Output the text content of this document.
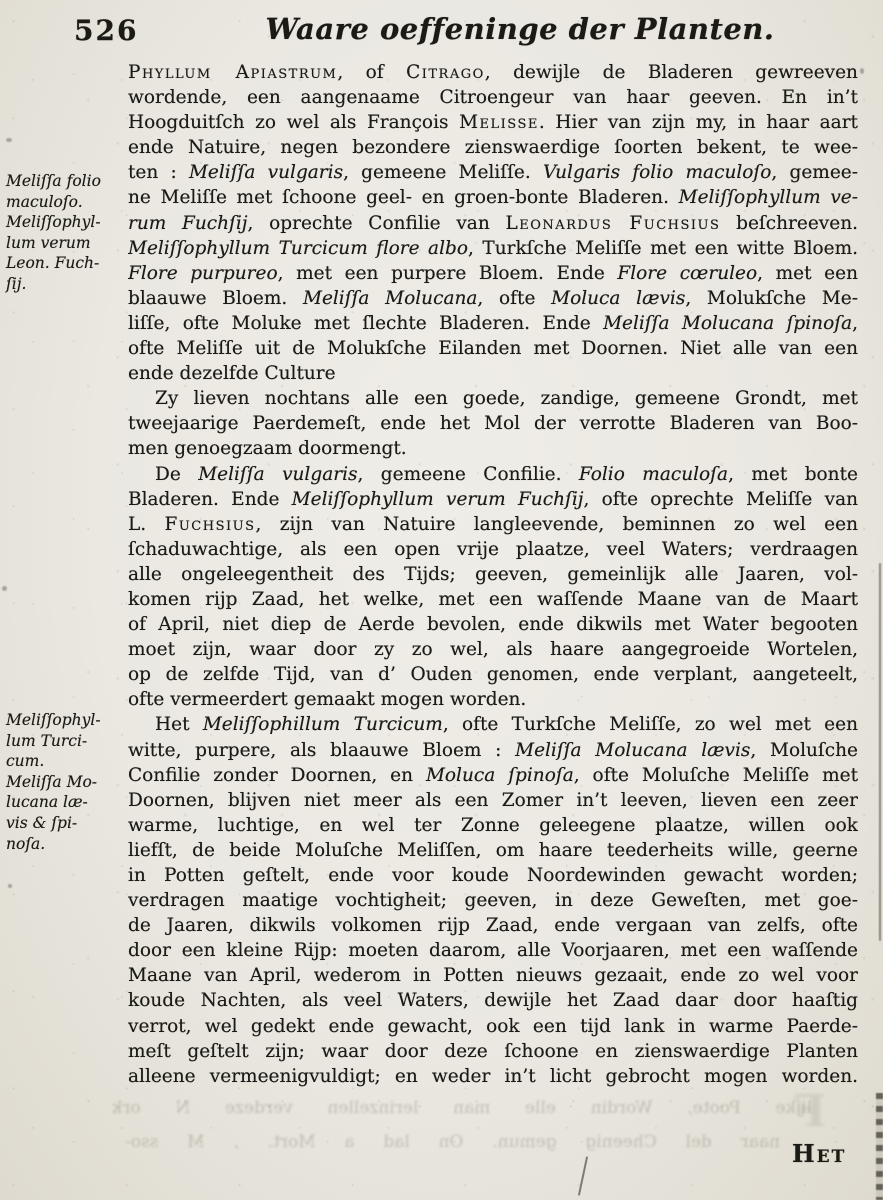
526	Waare oeffeninge der Planten.
Meliſſa folio
maculoſo.
Meliſſophyl-
lum verum
Leon. Fuch-
ſij.
Meliſſophyl-
lum Turci-
cum.
Meliſſa Mo-
lucana læ-
vis & ſpi-
noſa.
Phyllum Apiastrum, of Citrago, dewijle de Bladeren gewreeven
wordende, een aangenaame Citroengeur van haar geeven. En in’t
Hoogduitſch zo wel als François Melisse. Hier van zijn my, in haar aart
ende Natuire, negen bezondere zienswaerdige ſoorten bekent, te wee-
ten : Meliſſa vulgaris, gemeene Meliſſe. Vulgaris folio maculoſo, gemee-
ne Meliſſe met ſchoone geel- en groen-bonte Bladeren. Meliſſophyllum ve-
rum Fuchſij, oprechte Confilie van Leonardus Fuchsius beſchreeven.
Meliſſophyllum Turcicum flore albo, Turkſche Meliſſe met een witte Bloem.
Flore purpureo, met een purpere Bloem. Ende Flore cœruleo, met een
blaauwe Bloem. Meliſſa Molucana, ofte Moluca lævis, Molukſche Me-
liſſe, ofte Moluke met ſlechte Bladeren. Ende Meliſſa Molucana ſpinoſa,
ofte Meliſſe uit de Molukſche Eilanden met Doornen. Niet alle van een
ende dezelfde Culture
Zy lieven nochtans alle een goede, zandige, gemeene Grondt, met
tweejaarige Paerdemeſt, ende het Mol der verrotte Bladeren van Boo-
men genoegzaam doormengt.
De Meliſſa vulgaris, gemeene Confilie. Folio maculoſa, met bonte
Bladeren. Ende Meliſſophyllum verum Fuchſij, ofte oprechte Meliſſe van
L. Fuchsius, zijn van Natuire langleevende, beminnen zo wel een
ſchaduwachtige, als een open vrije plaatze, veel Waters; verdraagen
alle ongeleegentheit des Tijds; geeven, gemeinlijk alle Jaaren, vol-
komen rijp Zaad, het welke, met een waſſende Maane van de Maart
of April, niet diep de Aerde bevolen, ende dikwils met Water begooten
moet zijn, waar door zy zo wel, als haare aangegroeide Wortelen,
op de zelfde Tijd, van d’ Ouden genomen, ende verplant, aangeteelt,
ofte vermeerdert gemaakt mogen worden.
Het Meliſſophillum Turcicum, ofte Turkſche Meliſſe, zo wel met een
witte, purpere, als blaauwe Bloem : Meliſſa Molucana lævis, Moluſche
Confilie zonder Doornen, en Moluca ſpinoſa, ofte Moluſche Meliſſe met
Doornen, blijven niet meer als een Zomer in’t leeven, lieven een zeer
warme, luchtige, en wel ter Zonne geleegene plaatze, willen ook
liefſt, de beide Moluſche Meliſſen, om haare teederheits wille, geerne
in Potten geſtelt, ende voor koude Noordewinden gewacht worden;
verdragen maatige vochtigheit; geeven, in deze Geweſten, met goe-
de Jaaren, dikwils volkomen rijp Zaad, ende vergaan van zelfs, ofte
door een kleine Rijp: moeten daarom, alle Voorjaaren, met een waſſende
Maane van April, wederom in Potten nieuws gezaait, ende zo wel voor
koude Nachten, als veel Waters, dewijle het Zaad daar door haaſtig
verrot, wel gedekt ende gewacht, ook een tijd lank in warme Paerde-
meſt geſtelt zijn; waar door deze ſchoone en zienswaerdige Planten
alleene vermeenigvuldigt; en weder in’t licht gebrocht mogen worden.
lijke Poote, Wordin elle man lerinzellen verdeze N ork
naar del Cheenig gemun. On lad a Mort. , M sso-
F
Het
